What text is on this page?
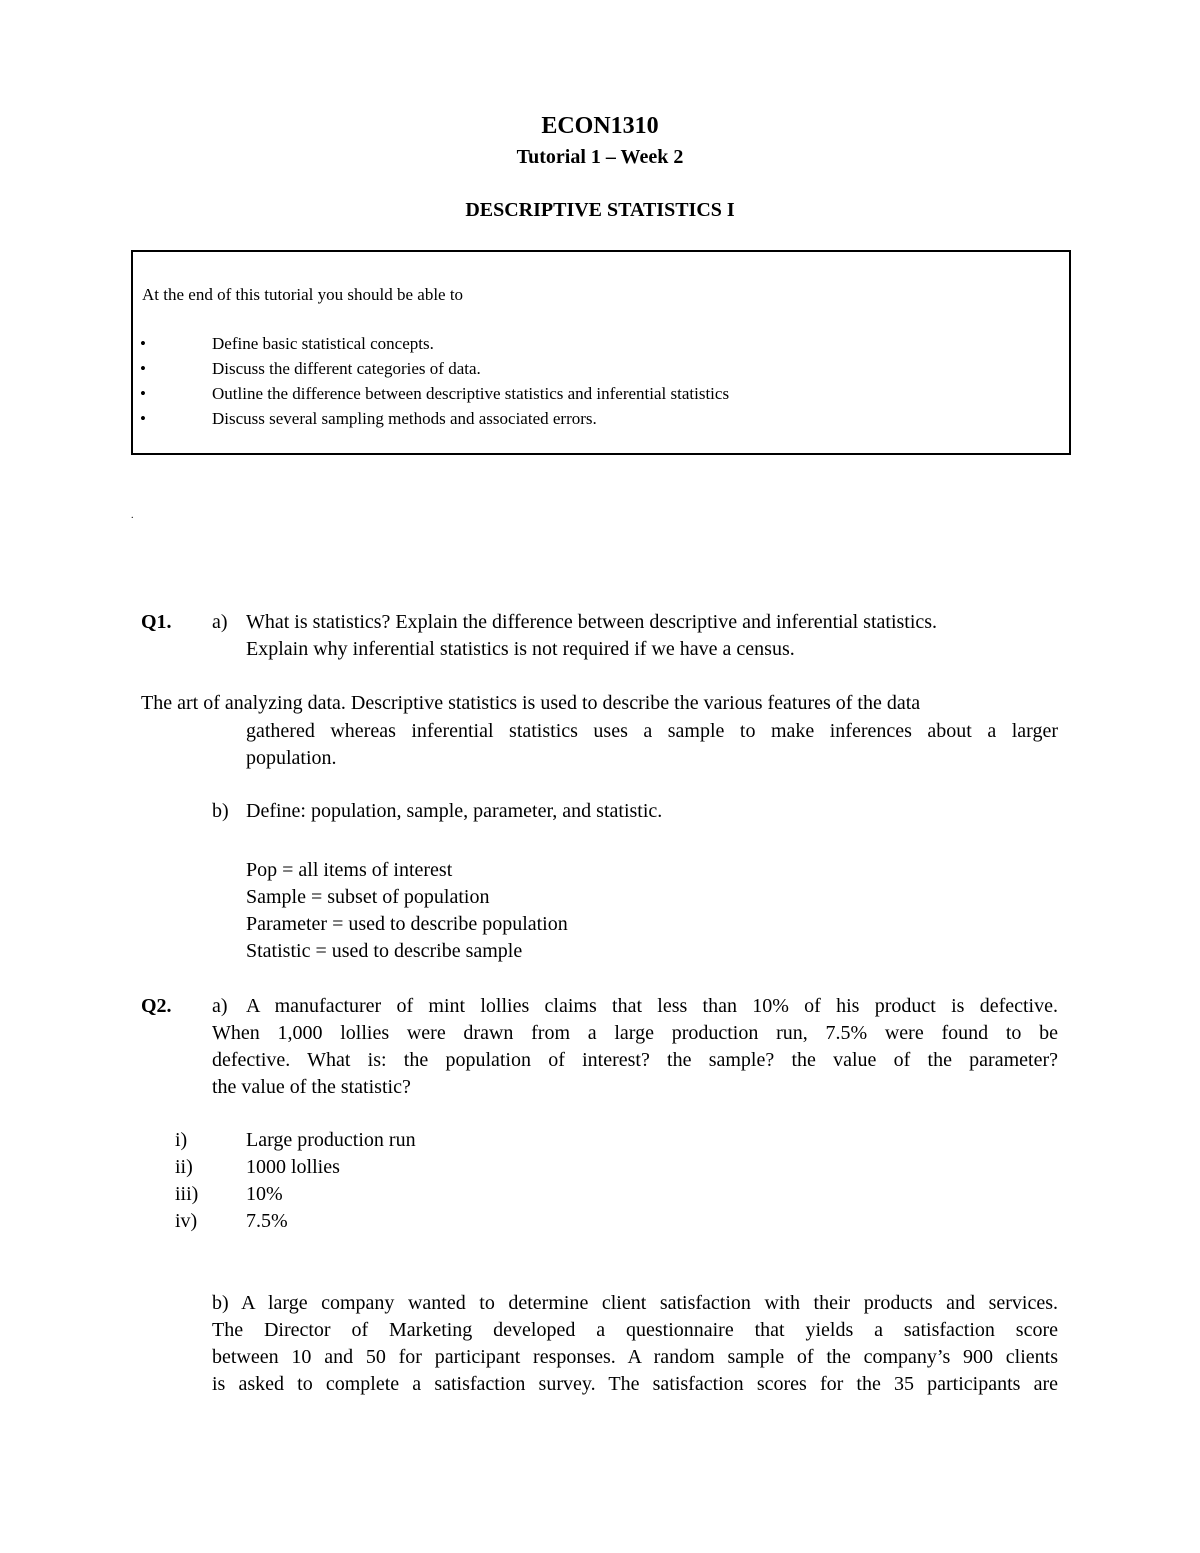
ECON1310
Tutorial 1 – Week 2
DESCRIPTIVE STATISTICS I
At the end of this tutorial you should be able to
•	Define basic statistical concepts.
•	Discuss the different categories of data.
•	Outline the difference between descriptive statistics and inferential statistics
•	Discuss several sampling methods and associated errors.
.
Q1. a) What is statistics? Explain the difference between descriptive and inferential statistics.
Explain why inferential statistics is not required if we have a census.
The art of analyzing data. Descriptive statistics is used to describe the various features of the data
gathered whereas inferential statistics uses a sample to make inferences about a larger
population.
b) Define: population, sample, parameter, and statistic.
Pop = all items of interest
Sample = subset of population
Parameter = used to describe population
Statistic = used to describe sample
Q2. a) A manufacturer of mint lollies claims that less than 10% of his product is defective.
When 1,000 lollies were drawn from a large production run, 7.5% were found to be
defective. What is: the population of interest? the sample? the value of the parameter?
the value of the statistic?
i)	Large production run
ii)	1000 lollies
iii) 10%
iv) 7.5%
b) A large company wanted to determine client satisfaction with their products and services.
The Director of Marketing developed a questionnaire that yields a satisfaction score
between 10 and 50 for participant responses. A random sample of the company’s 900 clients
is asked to complete a satisfaction survey. The satisfaction scores for the 35 participants are
